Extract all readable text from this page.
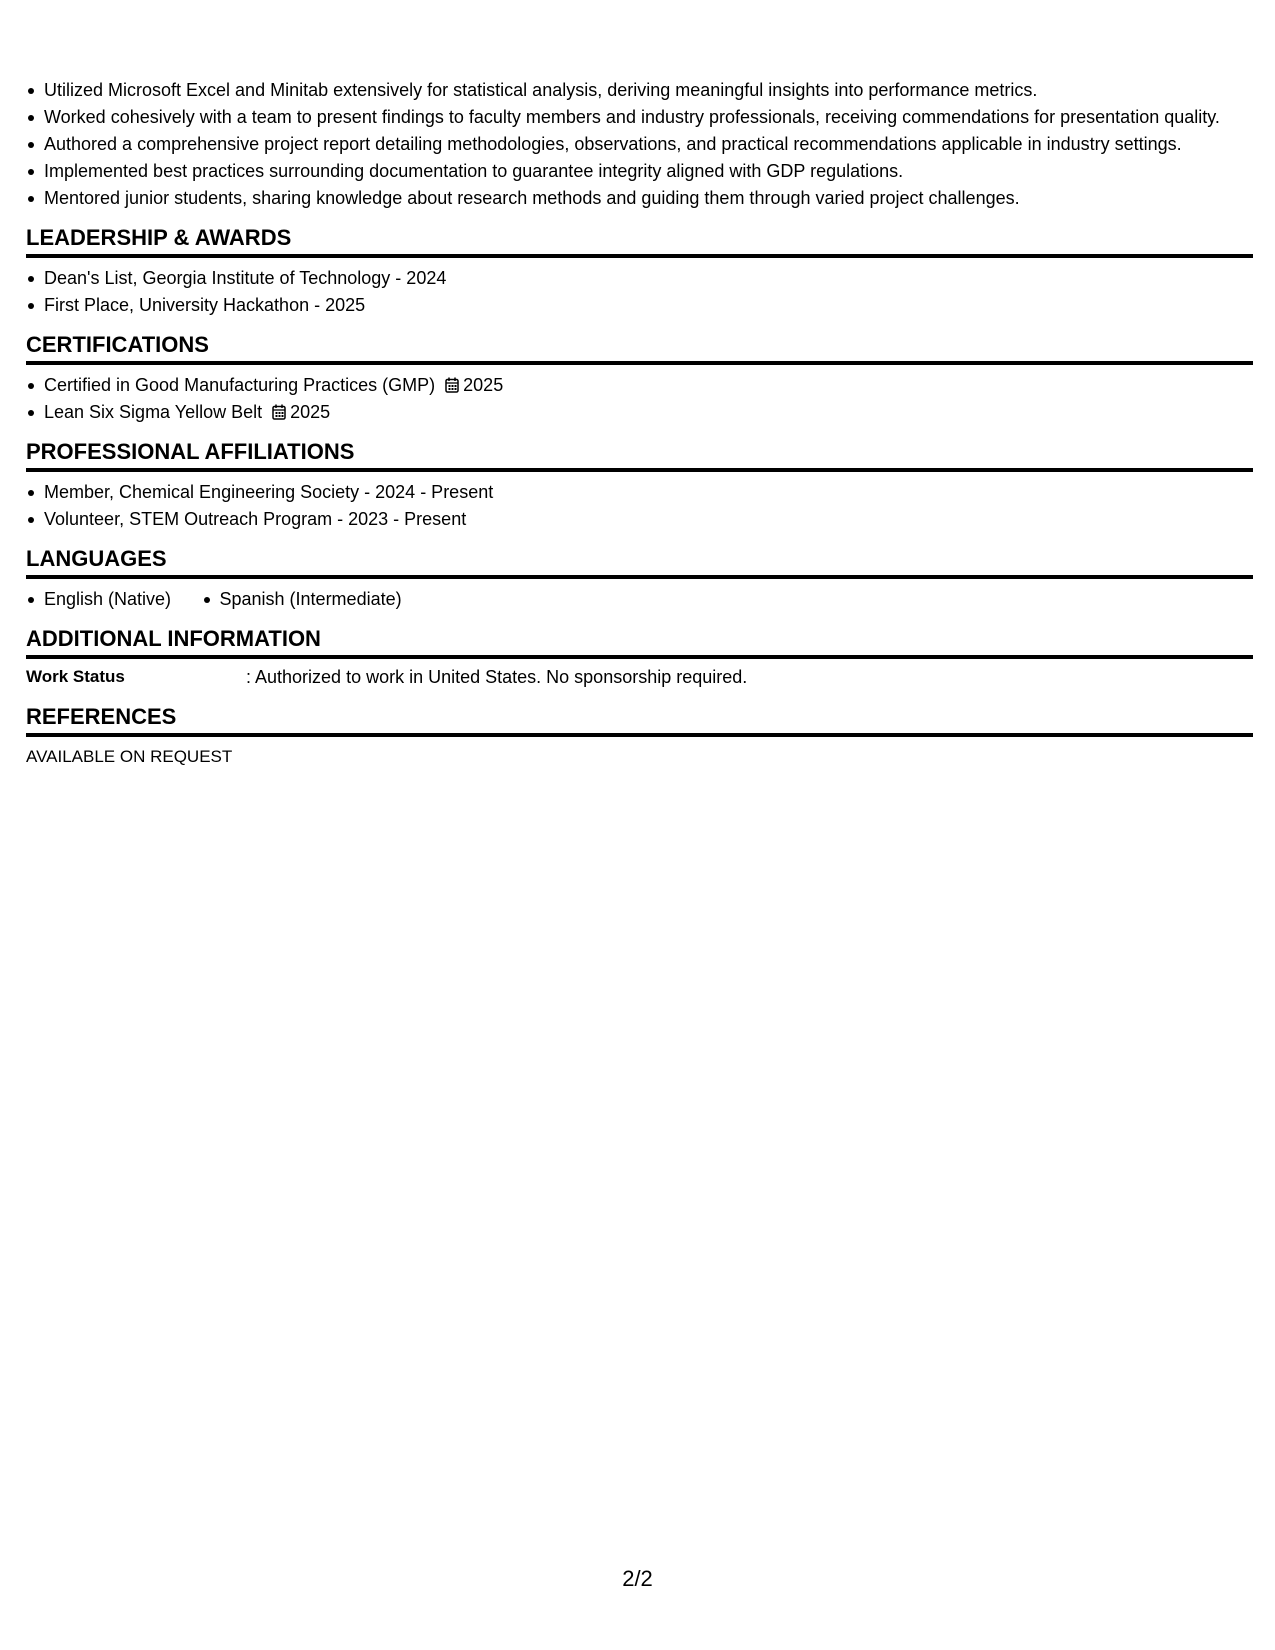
Utilized Microsoft Excel and Minitab extensively for statistical analysis, deriving meaningful insights into performance metrics.
Worked cohesively with a team to present findings to faculty members and industry professionals, receiving commendations for presentation quality.
Authored a comprehensive project report detailing methodologies, observations, and practical recommendations applicable in industry settings.
Implemented best practices surrounding documentation to guarantee integrity aligned with GDP regulations.
Mentored junior students, sharing knowledge about research methods and guiding them through varied project challenges.
LEADERSHIP & AWARDS
Dean's List, Georgia Institute of Technology - 2024
First Place, University Hackathon - 2025
CERTIFICATIONS
Certified in Good Manufacturing Practices (GMP) 2025
Lean Six Sigma Yellow Belt 2025
PROFESSIONAL AFFILIATIONS
Member, Chemical Engineering Society - 2024 - Present
Volunteer, STEM Outreach Program - 2023 - Present
LANGUAGES
English (Native)	Spanish (Intermediate)
ADDITIONAL INFORMATION
Work Status	: Authorized to work in United States. No sponsorship required.
REFERENCES
AVAILABLE ON REQUEST
2/2
